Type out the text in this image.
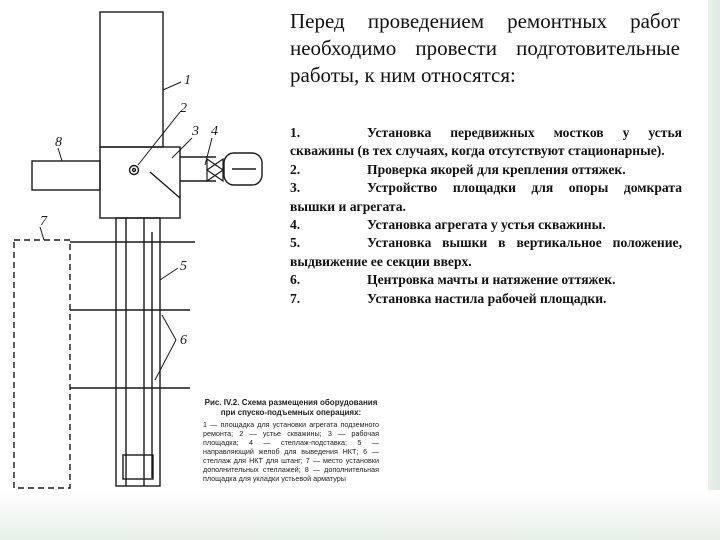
1
2
3 4
5
6
7
8
Рис. IV.2. Схема размещения оборудования при спуско-подъемных операциях:
1 — площадка для установки агрегата подземного ремонта; 2 — устье скважины; 3 — рабочая площадка; 4 — стеллаж-подставка; 5 — направляющий желоб для выведения НКТ; 6 — стеллаж для НКТ для штанг; 7 — место установки дополнительных стеллажей; 8 — дополнительная площадка для укладки устьевой арматуры
Перед проведением ремонтных работ необходимо провести подготовительные работы, к ним относятся:
1.	Установка передвижных мостков у устья скважины (в тех случаях, когда отсутствуют стационарные).
2.	Проверка якорей для крепления оттяжек.
3.	Устройство площадки для опоры домкрата вышки и агрегата.
4.	Установка агрегата у устья скважины.
5.	Установка вышки в вертикальное положение, выдвижение ее секции вверх.
6.	Центровка мачты и натяжение оттяжек.
7.	Установка настила рабочей площадки.
